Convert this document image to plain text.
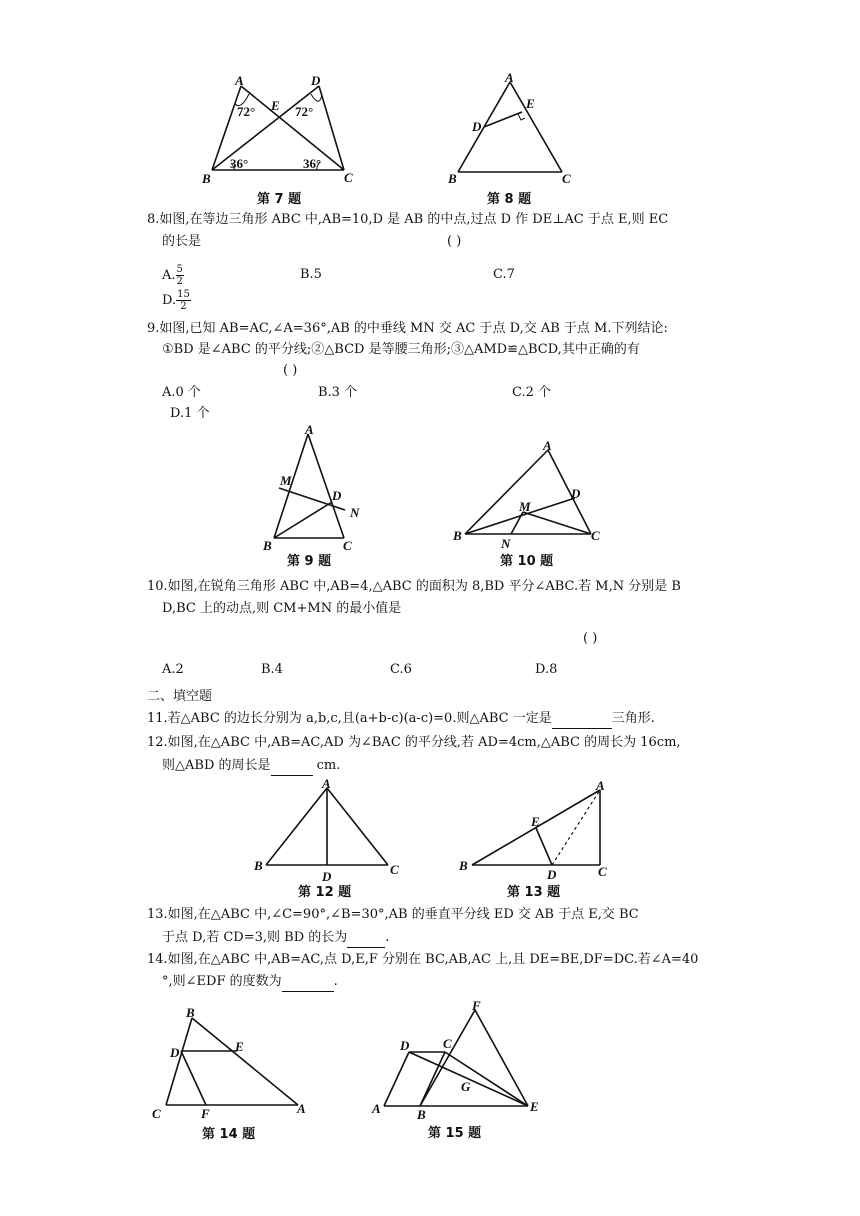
A	D
E
B	C
72°	72°
36°	36°
第 7 题
A
E
D
B	C
第 8 题
8.如图,在等边三角形 ABC 中,AB=10,D 是 AB 的中点,过点 D 作 DE⊥AC 于点 E,则 EC
的长是	( )
A. $\frac{5}{2}$	B.5	C.7
D. $\frac{15}{2}$
9.如图,已知 AB=AC,∠A=36°,AB 的中垂线 MN 交 AC 于点 D,交 AB 于点 M.下列结论:
①BD 是∠ABC 的平分线;②△BCD 是等腰三角形;③△AMD≌△BCD,其中正确的有
( )
A.0 个	B.3 个	C.2 个
D.1 个
A
M
D
N
B	C
第 9 题
A
D
M
B
N
C
第 10 题
10.如图,在锐角三角形 ABC 中,AB=4,△ABC 的面积为 8,BD 平分∠ABC.若 M,N 分别是 B
D,BC 上的动点,则 CM+MN 的最小值是
( )
A.2	B.4	C.6	D.8
二、填空题
11.若△ABC 的边长分别为 a,b,c,且(a+b-c)(a-c)=0.则△ABC 一定是	三角形.
12.如图,在△ABC 中,AB=AC,AD 为∠BAC 的平分线,若 AD=4cm,△ABC 的周长为 16cm,
则△ABD 的周长是	cm.
A
B
D	C
第 12 题
A
E
B
D	C
第 13 题
13.如图,在△ABC 中,∠C=90°,∠B=30°,AB 的垂直平分线 ED 交 AB 于点 E,交 BC
于点 D,若 CD=3,则 BD 的长为	.
14.如图,在△ABC 中,AB=AC,点 D,E,F 分别在 BC,AB,AC 上,且 DE=BE,DF=DC.若∠A=40
°,则∠EDF 的度数为	.
B
D	E
C	F	A
第 14 题
F
D	C
G
A	B
E
第 15 题
